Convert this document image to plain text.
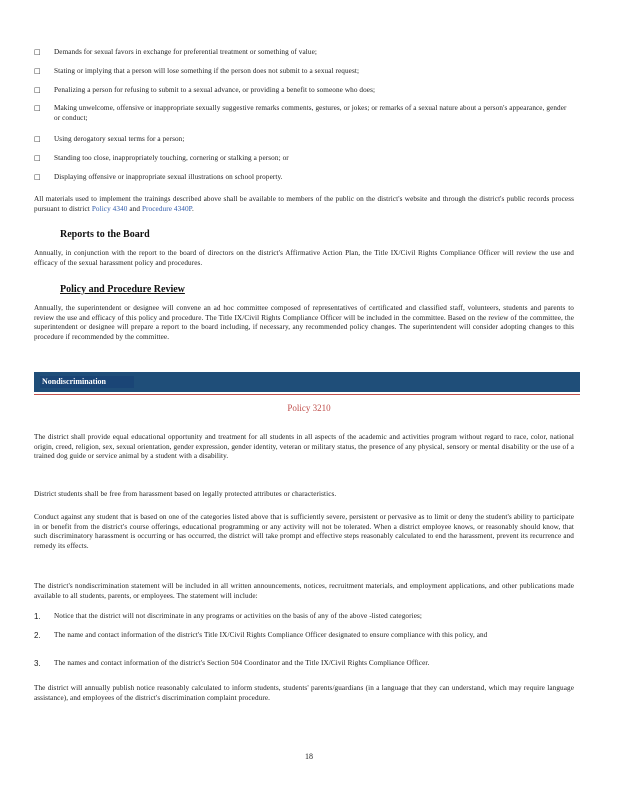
□ Demands for sexual favors in exchange for preferential treatment or something of value;
□ Stating or implying that a person will lose something if the person does not submit to a sexual request;
□ Penalizing a person for refusing to submit to a sexual advance, or providing a benefit to someone who does;
□ Making unwelcome, offensive or inappropriate sexually suggestive remarks comments, gestures, or jokes; or remarks of a sexual nature about a person's appearance, gender or conduct;
□ Using derogatory sexual terms for a person;
□ Standing too close, inappropriately touching, cornering or stalking a person; or
□ Displaying offensive or inappropriate sexual illustrations on school property.
All materials used to implement the trainings described above shall be available to members of the public on the district's website and through the district's public records process pursuant to district Policy 4340 and Procedure 4340P.
Reports to the Board
Annually, in conjunction with the report to the board of directors on the district's Affirmative Action Plan, the Title IX/Civil Rights Compliance Officer will review the use and efficacy of the sexual harassment policy and procedures.
Policy and Procedure Review
Annually, the superintendent or designee will convene an ad hoc committee composed of representatives of certificated and classified staff, volunteers, students and parents to review the use and efficacy of this policy and procedure. The Title IX/Civil Rights Compliance Officer will be included in the committee. Based on the review of the committee, the superintendent or designee will prepare a report to the board including, if necessary, any recommended policy changes. The superintendent will consider adopting changes to this procedure if recommended by the committee.
Nondiscrimination
Policy 3210
The district shall provide equal educational opportunity and treatment for all students in all aspects of the academic and activities program without regard to race, color, national origin, creed, religion, sex, sexual orientation, gender expression, gender identity, veteran or military status, the presence of any physical, sensory or mental disability or the use of a trained dog guide or service animal by a student with a disability.
District students shall be free from harassment based on legally protected attributes or characteristics.
Conduct against any student that is based on one of the categories listed above that is sufficiently severe, persistent or pervasive as to limit or deny the student's ability to participate in or benefit from the district's course offerings, educational programming or any activity will not be tolerated. When a district employee knows, or reasonably should know, that such discriminatory harassment is occurring or has occurred, the district will take prompt and effective steps reasonably calculated to end the harassment, prevent its recurrence and remedy its effects.
The district's nondiscrimination statement will be included in all written announcements, notices, recruitment materials, and employment applications, and other publications made available to all students, parents, or employees. The statement will include:
1. Notice that the district will not discriminate in any programs or activities on the basis of any of the above -listed categories;
2. The name and contact information of the district's Title IX/Civil Rights Compliance Officer designated to ensure compliance with this policy, and
3. The names and contact information of the district's Section 504 Coordinator and the Title IX/Civil Rights Compliance Officer.
The district will annually publish notice reasonably calculated to inform students, students' parents/guardians (in a language that they can understand, which may require language assistance), and employees of the district's discrimination complaint procedure.
18
